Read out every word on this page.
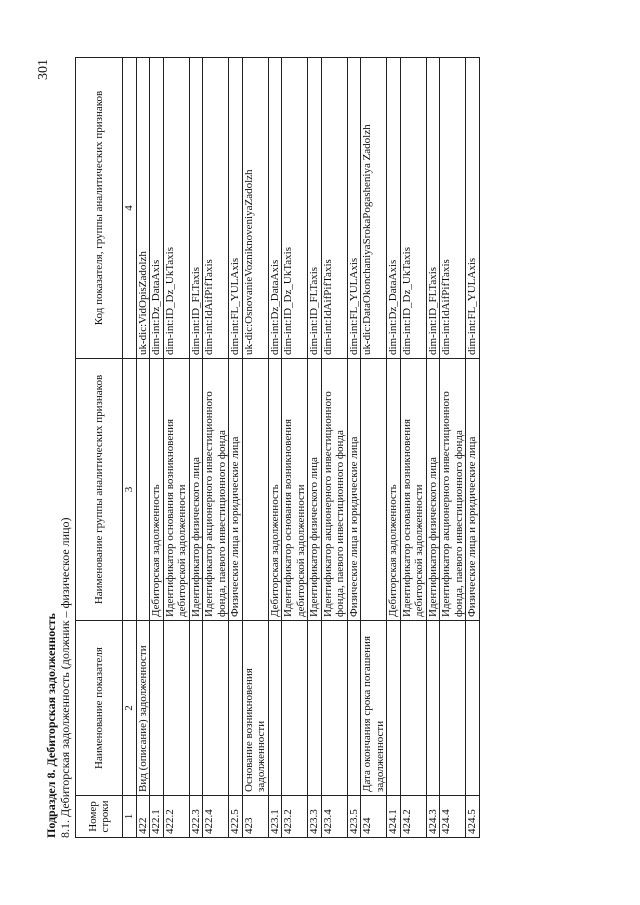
Подраздел 8. Дебиторская задолженность 8.1. Дебиторская задолженность (должник – физическое лицо)
301
Номер строки	Наименование показателя	Наименование группы аналитических признаков	Код показателя, группы аналитических признаков
1	2	3	4
422	Вид (описание) задолженности		uk-dic:VidOpisZadolzh
422.1		Дебиторская задолженность	dim-int:Dz_DataAxis
422.2		Идентификатор основания возникновения дебиторской задолженности	dim-int:ID_Dz_UkTaxis
422.3		Идентификатор физического лица	dim-int:ID_FLTaxis
422.4		Идентификатор акционерного инвестиционного фонда, паевого инвестиционного фонда	dim-int:IdAifPifTaxis
422.5		Физические лица и юридические лица	dim-int:FL_YULAxis
423	Основание возникновения задолженности		uk-dic:OsnovanieVozniknoveniyaZadolzh
423.1		Дебиторская задолженность	dim-int:Dz_DataAxis
423.2		Идентификатор основания возникновения дебиторской задолженности	dim-int:ID_Dz_UkTaxis
423.3		Идентификатор физического лица	dim-int:ID_FLTaxis
423.4		Идентификатор акционерного инвестиционного фонда, паевого инвестиционного фонда	dim-int:IdAifPifTaxis
423.5		Физические лица и юридические лица	dim-int:FL_YULAxis
424	Дата окончания срока погашения задолженности		uk-dic:DataOkonchaniyaSrokaPogasheniya Zadolzh
424.1		Дебиторская задолженность	dim-int:Dz_DataAxis
424.2		Идентификатор основания возникновения дебиторской задолженности	dim-int:ID_Dz_UkTaxis
424.3		Идентификатор физического лица	dim-int:ID_FLTaxis
424.4		Идентификатор акционерного инвестиционного фонда, паевого инвестиционного фонда	dim-int:IdAifPifTaxis
424.5		Физические лица и юридические лица	dim-int:FL_YULAxis
